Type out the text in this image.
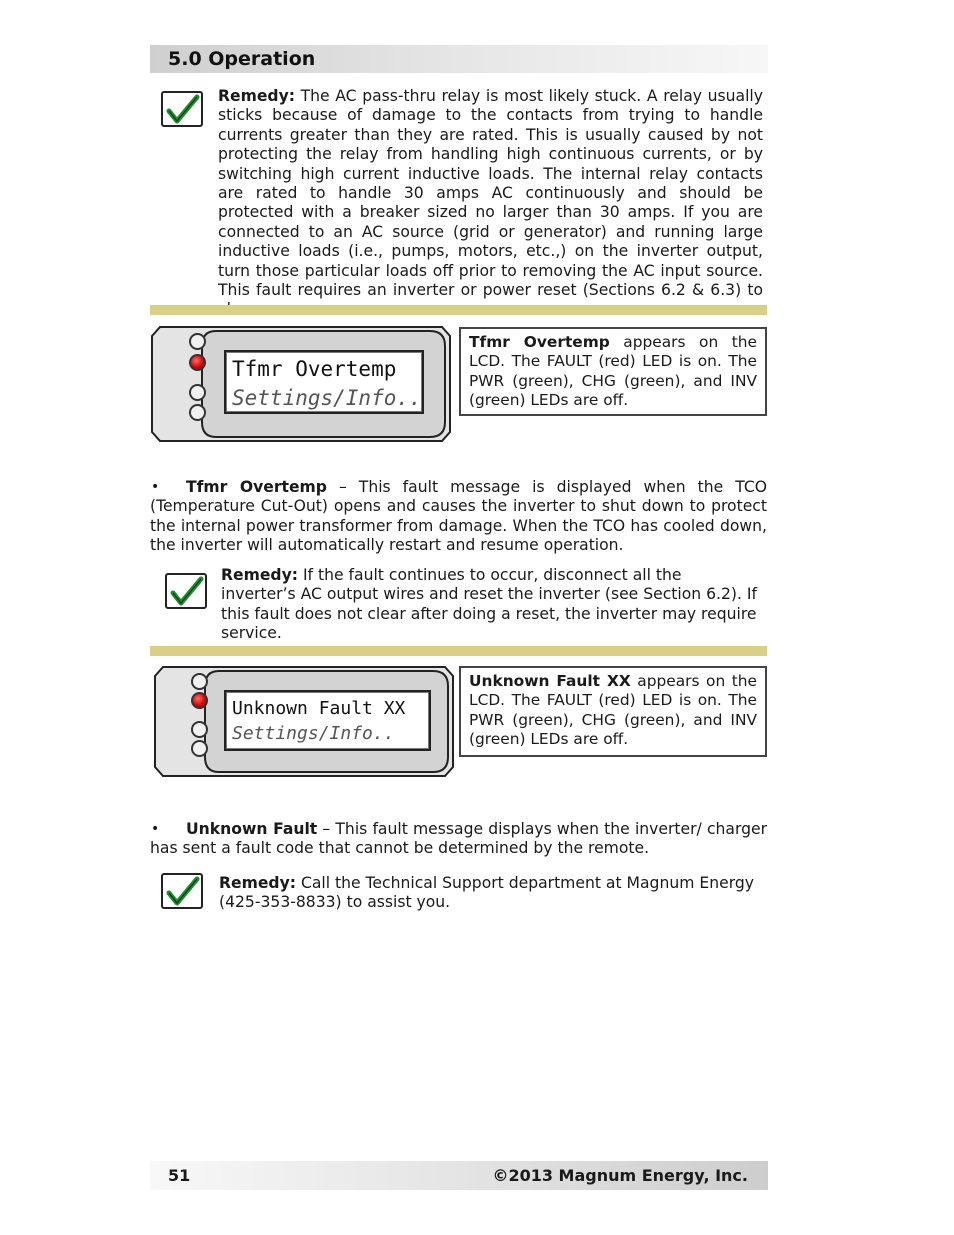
5.0 Operation

Remedy: The AC pass-thru relay is most likely stuck. A relay usually sticks because of damage to the contacts from trying to handle currents greater than they are rated. This is usually caused by not protecting the relay from handling high continuous currents, or by switching high current inductive loads. The internal relay contacts are rated to handle 30 amps AC continuously and should be protected with a breaker sized no larger than 30 amps. If you are connected to an AC source (grid or generator) and running large inductive loads (i.e., pumps, motors, etc.,) on the inverter output, turn those particular loads off prior to removing the AC input source. This fault requires an inverter or power reset (Sections 6.2 & 6.3) to

Tfmr Overtemp
Settings/Info..
Tfmr Overtemp appears on the LCD. The FAULT (red) LED is on. The PWR (green), CHG (green), and INV (green) LEDs are off.
•	Tfmr Overtemp – This fault message is displayed when the TCO (Temperature Cut-Out) opens and causes the inverter to shut down to protect the internal power transformer from damage. When the TCO has cooled down, the inverter will automatically restart and resume operation.

Remedy: If the fault continues to occur, disconnect all the inverter’s AC output wires and reset the inverter (see Section 6.2). If this fault does not clear after doing a reset, the inverter may require service.

Unknown Fault XX
Settings/Info..
Unknown Fault XX appears on the LCD. The FAULT (red) LED is on. The PWR (green), CHG (green), and INV (green) LEDs are off.
•	Unknown Fault – This fault message displays when the inverter/ charger has sent a fault code that cannot be determined by the remote.

Remedy: Call the Technical Support department at Magnum Energy (425-353-8833) to assist you.

51	©2013 Magnum Energy, Inc.
